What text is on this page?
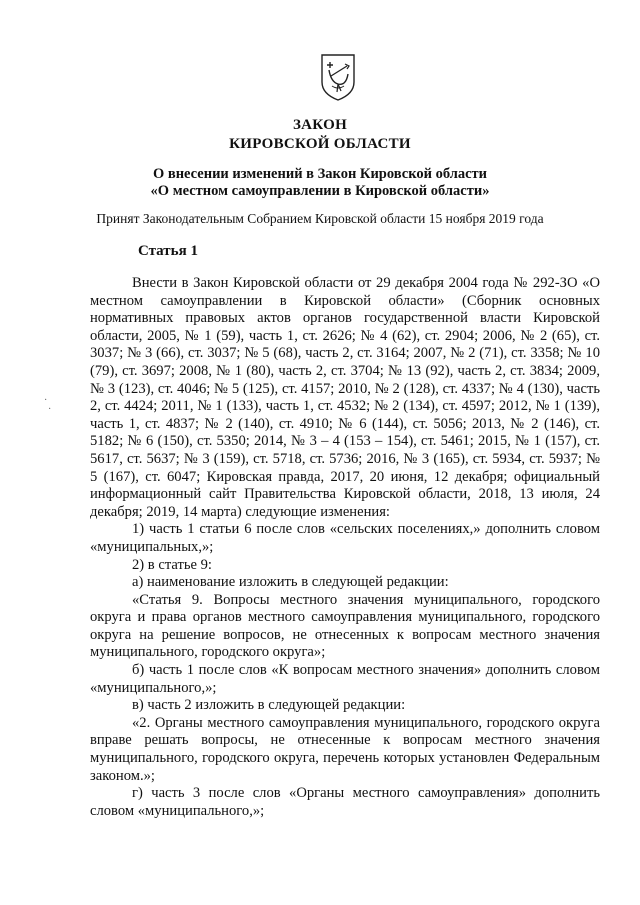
ЗАКОН
КИРОВСКОЙ ОБЛАСТИ
О внесении изменений в Закон Кировской области
«О местном самоуправлении в Кировской области»
Принят Законодательным Собранием Кировской области 15 ноября 2019 года
Статья 1

Внести в Закон Кировской области от 29 декабря 2004 года № 292-ЗО «О местном самоуправлении в Кировской области» (Сборник основных нормативных правовых актов органов государственной власти Кировской области, 2005, № 1 (59), часть 1, ст. 2626; № 4 (62), ст. 2904; 2006, № 2 (65), ст. 3037; № 3 (66), ст. 3037; № 5 (68), часть 2, ст. 3164; 2007, № 2 (71), ст. 3358; № 10 (79), ст. 3697; 2008, № 1 (80), часть 2, ст. 3704; № 13 (92), часть 2, ст. 3834; 2009, № 3 (123), ст. 4046; № 5 (125), ст. 4157; 2010, № 2 (128), ст. 4337; № 4 (130), часть 2, ст. 4424; 2011, № 1 (133), часть 1, ст. 4532; № 2 (134), ст. 4597; 2012, № 1 (139), часть 1, ст. 4837; № 2 (140), ст. 4910; № 6 (144), ст. 5056; 2013, № 2 (146), ст. 5182; № 6 (150), ст. 5350; 2014, № 3 – 4 (153 – 154), ст. 5461; 2015, № 1 (157), ст. 5617, ст. 5637; № 3 (159), ст. 5718, ст. 5736; 2016, № 3 (165), ст. 5934, ст. 5937; № 5 (167), ст. 6047; Кировская правда, 2017, 20 июня, 12 декабря; официальный информационный сайт Правительства Кировской области, 2018, 13 июля, 24 декабря; 2019, 14 марта) следующие изменения:

1) часть 1 статьи 6 после слов «сельских поселениях,» дополнить словом «муниципальных,»;

2) в статье 9:

а) наименование изложить в следующей редакции:

«Статья 9. Вопросы местного значения муниципального, городского округа и права органов местного самоуправления муниципального, городского округа на решение вопросов, не отнесенных к вопросам местного значения муниципального, городского округа»;

б) часть 1 после слов «К вопросам местного значения» дополнить словом «муниципального,»;

в) часть 2 изложить в следующей редакции:

«2. Органы местного самоуправления муниципального, городского округа вправе решать вопросы, не отнесенные к вопросам местного значения муниципального, городского округа, перечень которых установлен Федеральным законом.»;

г) часть 3 после слов «Органы местного самоуправления» дополнить словом «муниципального,»;

·
·
